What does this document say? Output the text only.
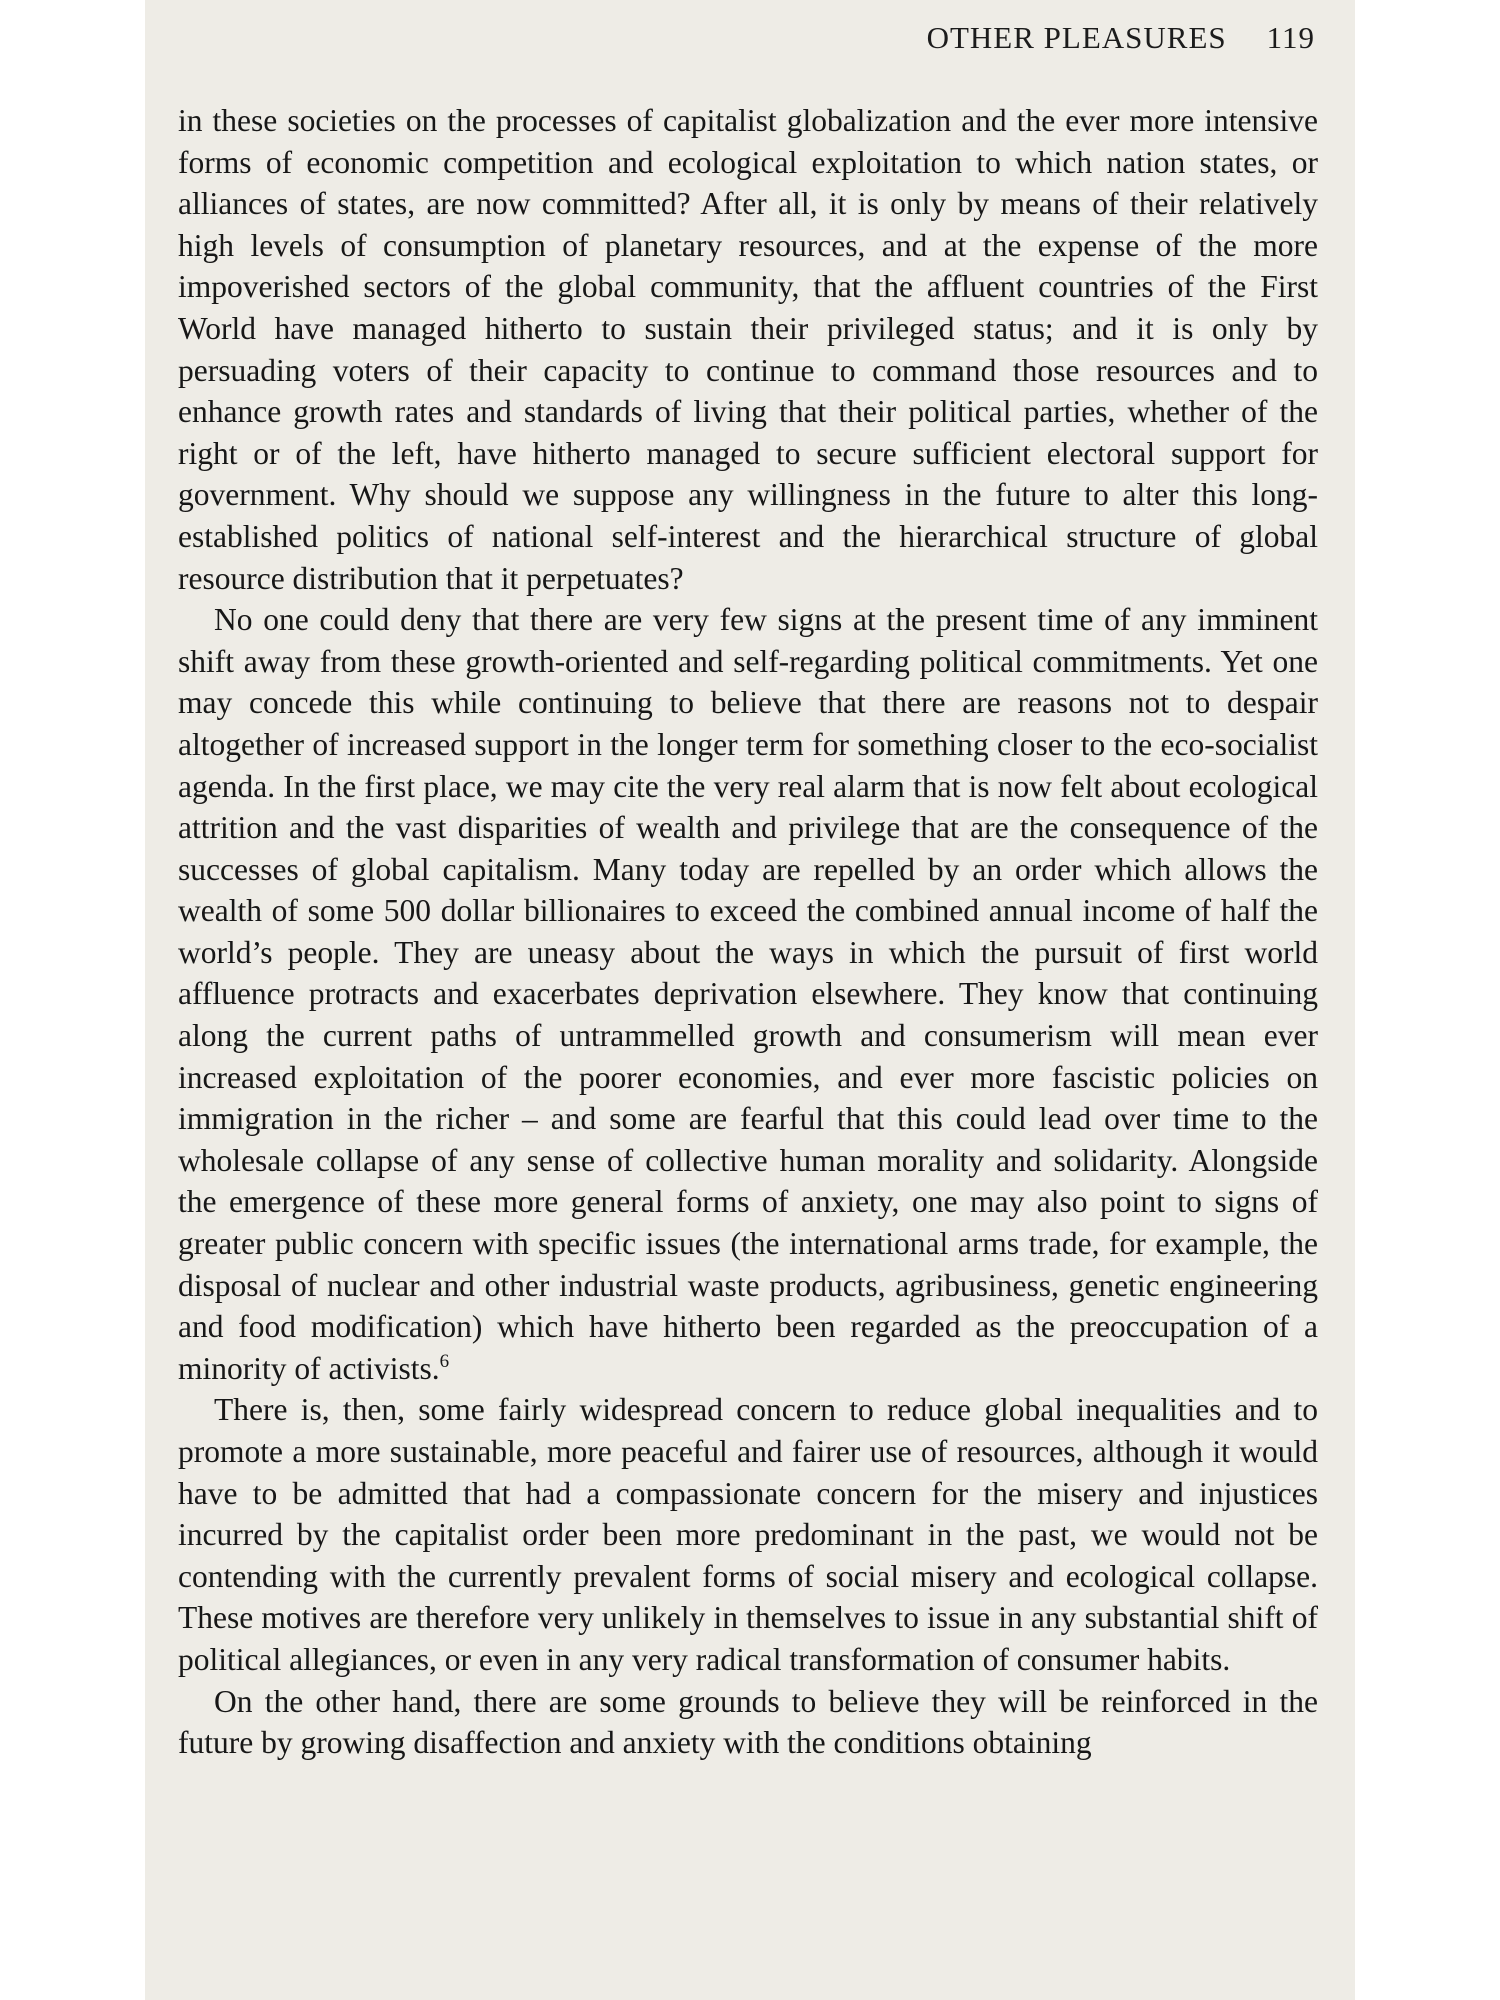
OTHER PLEASURES 119

in these societies on the processes of capitalist globalization and the ever more intensive forms of economic competition and ecological exploitation to which nation states, or alliances of states, are now committed? After all, it is only by means of their relatively high levels of consumption of planetary resources, and at the expense of the more impoverished sectors of the global community, that the affluent countries of the First World have managed hitherto to sustain their privileged status; and it is only by persuading voters of their capacity to continue to command those resources and to enhance growth rates and standards of living that their political parties, whether of the right or of the left, have hitherto managed to secure sufficient electoral support for government. Why should we suppose any willingness in the future to alter this long-established politics of national self-interest and the hierarchical structure of global resource distribution that it perpetuates?

No one could deny that there are very few signs at the present time of any imminent shift away from these growth-oriented and self-regarding political commitments. Yet one may concede this while continuing to believe that there are reasons not to despair altogether of increased support in the longer term for something closer to the eco-socialist agenda. In the first place, we may cite the very real alarm that is now felt about ecological attrition and the vast disparities of wealth and privilege that are the consequence of the successes of global capitalism. Many today are repelled by an order which allows the wealth of some 500 dollar billionaires to exceed the combined annual income of half the world’s people. They are uneasy about the ways in which the pursuit of first world affluence protracts and exacerbates deprivation elsewhere. They know that continuing along the current paths of untrammelled growth and consumerism will mean ever increased exploitation of the poorer economies, and ever more fascistic policies on immigration in the richer – and some are fearful that this could lead over time to the wholesale collapse of any sense of collective human morality and solidarity. Alongside the emergence of these more general forms of anxiety, one may also point to signs of greater public concern with specific issues (the international arms trade, for example, the disposal of nuclear and other industrial waste products, agribusiness, genetic engineering and food modification) which have hitherto been regarded as the preoccupation of a minority of activists.$^6$

There is, then, some fairly widespread concern to reduce global inequalities and to promote a more sustainable, more peaceful and fairer use of resources, although it would have to be admitted that had a compassionate concern for the misery and injustices incurred by the capitalist order been more predominant in the past, we would not be contending with the currently prevalent forms of social misery and ecological collapse. These motives are therefore very unlikely in themselves to issue in any substantial shift of political allegiances, or even in any very radical transformation of consumer habits.

On the other hand, there are some grounds to believe they will be reinforced in the future by growing disaffection and anxiety with the conditions obtaining
